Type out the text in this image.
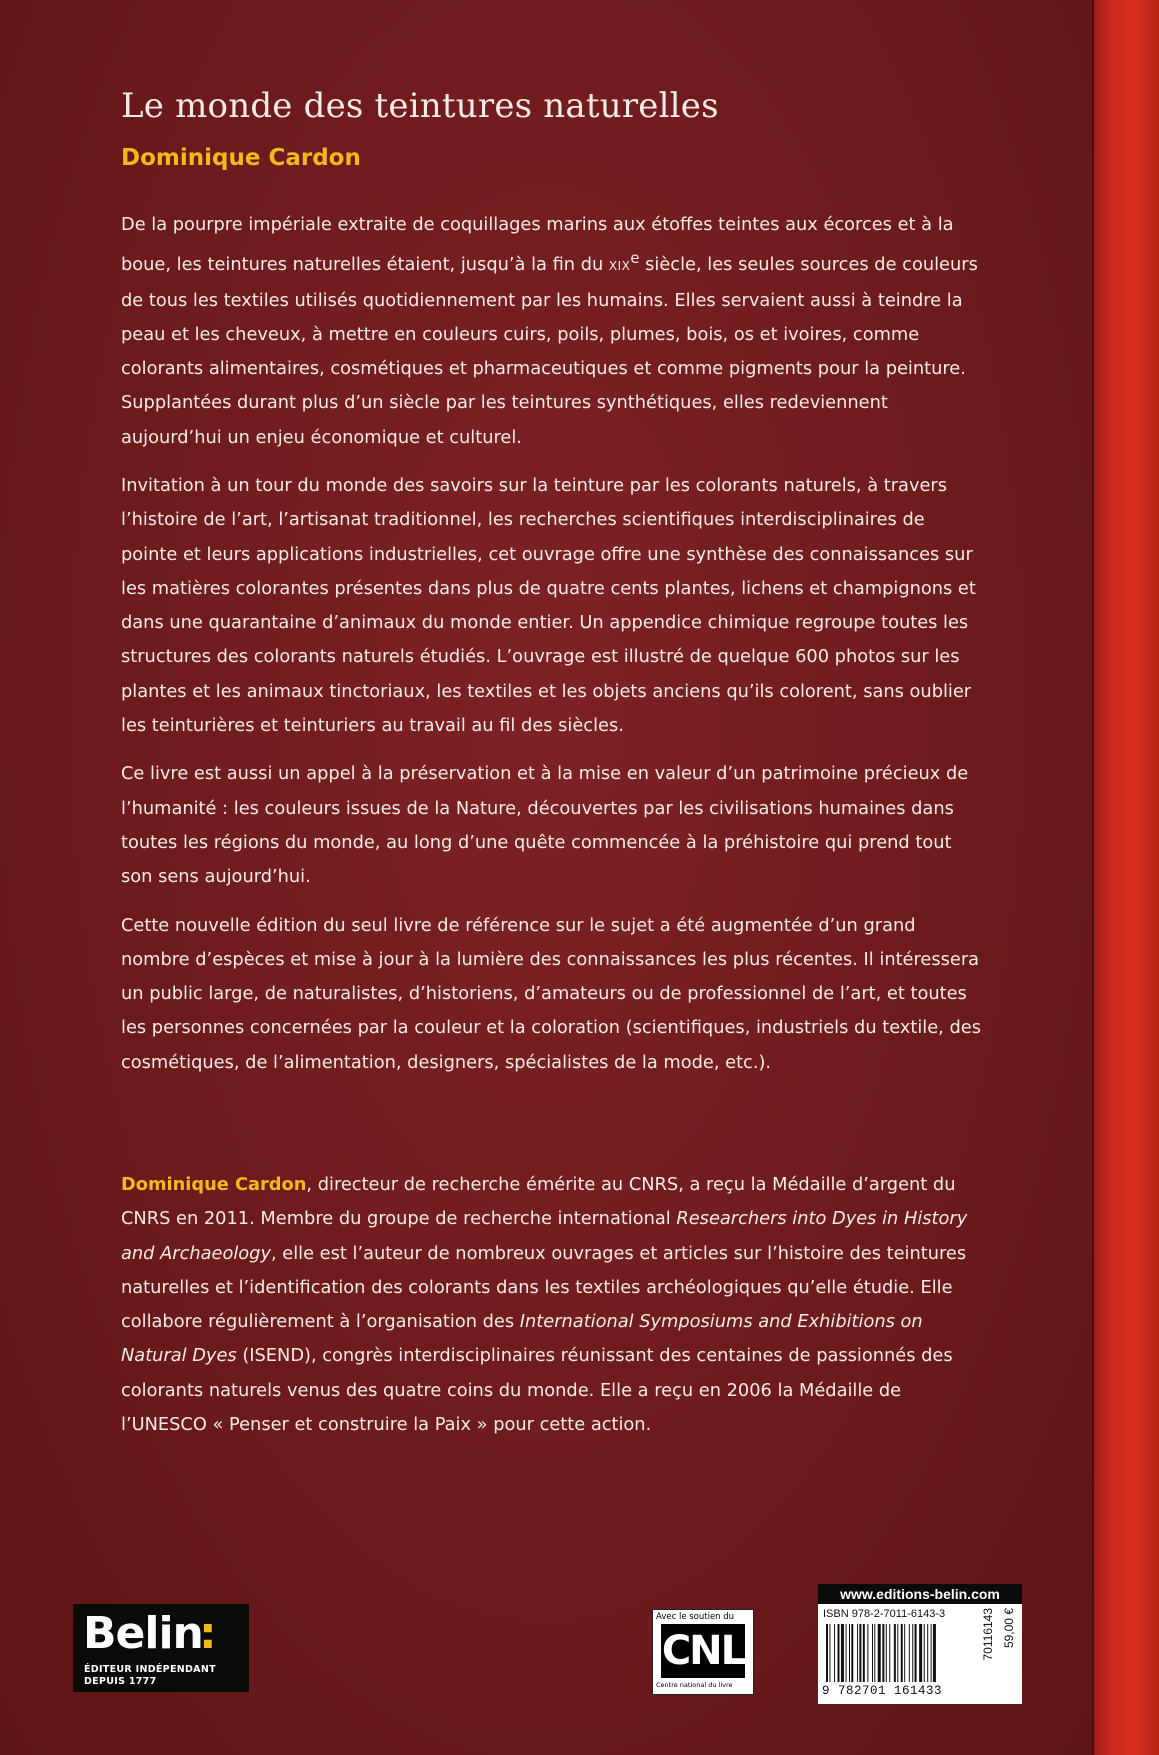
Le monde des teintures naturelles
Dominique Cardon

De la pourpre impériale extraite de coquillages marins aux étoffes teintes aux écorces et à la boue, les teintures naturelles étaient, jusqu’à la fin du XIXe siècle, les seules sources de couleurs de tous les textiles utilisés quotidiennement par les humains. Elles servaient aussi à teindre la peau et les cheveux, à mettre en couleurs cuirs, poils, plumes, bois, os et ivoires, comme colorants alimentaires, cosmétiques et pharmaceutiques et comme pigments pour la peinture. Supplantées durant plus d’un siècle par les teintures synthétiques, elles redeviennent aujourd’hui un enjeu économique et culturel.

Invitation à un tour du monde des savoirs sur la teinture par les colorants naturels, à travers l’histoire de l’art, l’artisanat traditionnel, les recherches scientifiques interdisciplinaires de pointe et leurs applications industrielles, cet ouvrage offre une synthèse des connaissances sur les matières colorantes présentes dans plus de quatre cents plantes, lichens et champignons et dans une quarantaine d’animaux du monde entier. Un appendice chimique regroupe toutes les structures des colorants naturels étudiés. L’ouvrage est illustré de quelque 600 photos sur les plantes et les animaux tinctoriaux, les textiles et les objets anciens qu’ils colorent, sans oublier les teinturières et teinturiers au travail au fil des siècles.

Ce livre est aussi un appel à la préservation et à la mise en valeur d’un patrimoine précieux de l’humanité : les couleurs issues de la Nature, découvertes par les civilisations humaines dans toutes les régions du monde, au long d’une quête commencée à la préhistoire qui prend tout son sens aujourd’hui.

Cette nouvelle édition du seul livre de référence sur le sujet a été augmentée d’un grand nombre d’espèces et mise à jour à la lumière des connaissances les plus récentes. Il intéressera un public large, de naturalistes, d’historiens, d’amateurs ou de professionnel de l’art, et toutes les personnes concernées par la couleur et la coloration (scientifiques, industriels du textile, des cosmétiques, de l’alimentation, designers, spécialistes de la mode, etc.).

Dominique Cardon, directeur de recherche émérite au CNRS, a reçu la Médaille d’argent du CNRS en 2011. Membre du groupe de recherche international Researchers into Dyes in History and Archaeology, elle est l’auteur de nombreux ouvrages et articles sur l’histoire des teintures naturelles et l’identification des colorants dans les textiles archéologiques qu’elle étudie. Elle collabore régulièrement à l’organisation des International Symposiums and Exhibitions on Natural Dyes (ISEND), congrès interdisciplinaires réunissant des centaines de passionnés des colorants naturels venus des quatre coins du monde. Elle a reçu en 2006 la Médaille de l’UNESCO « Penser et construire la Paix » pour cette action.

Belin
:
ÉDITEUR INDÉPENDANT
DEPUIS 1777
Avec le soutien du
CNL
Centre national du livre
www.editions-belin.com
ISBN 978-2-7011-6143-3
9 782701 161433
70116143 59,00 €
